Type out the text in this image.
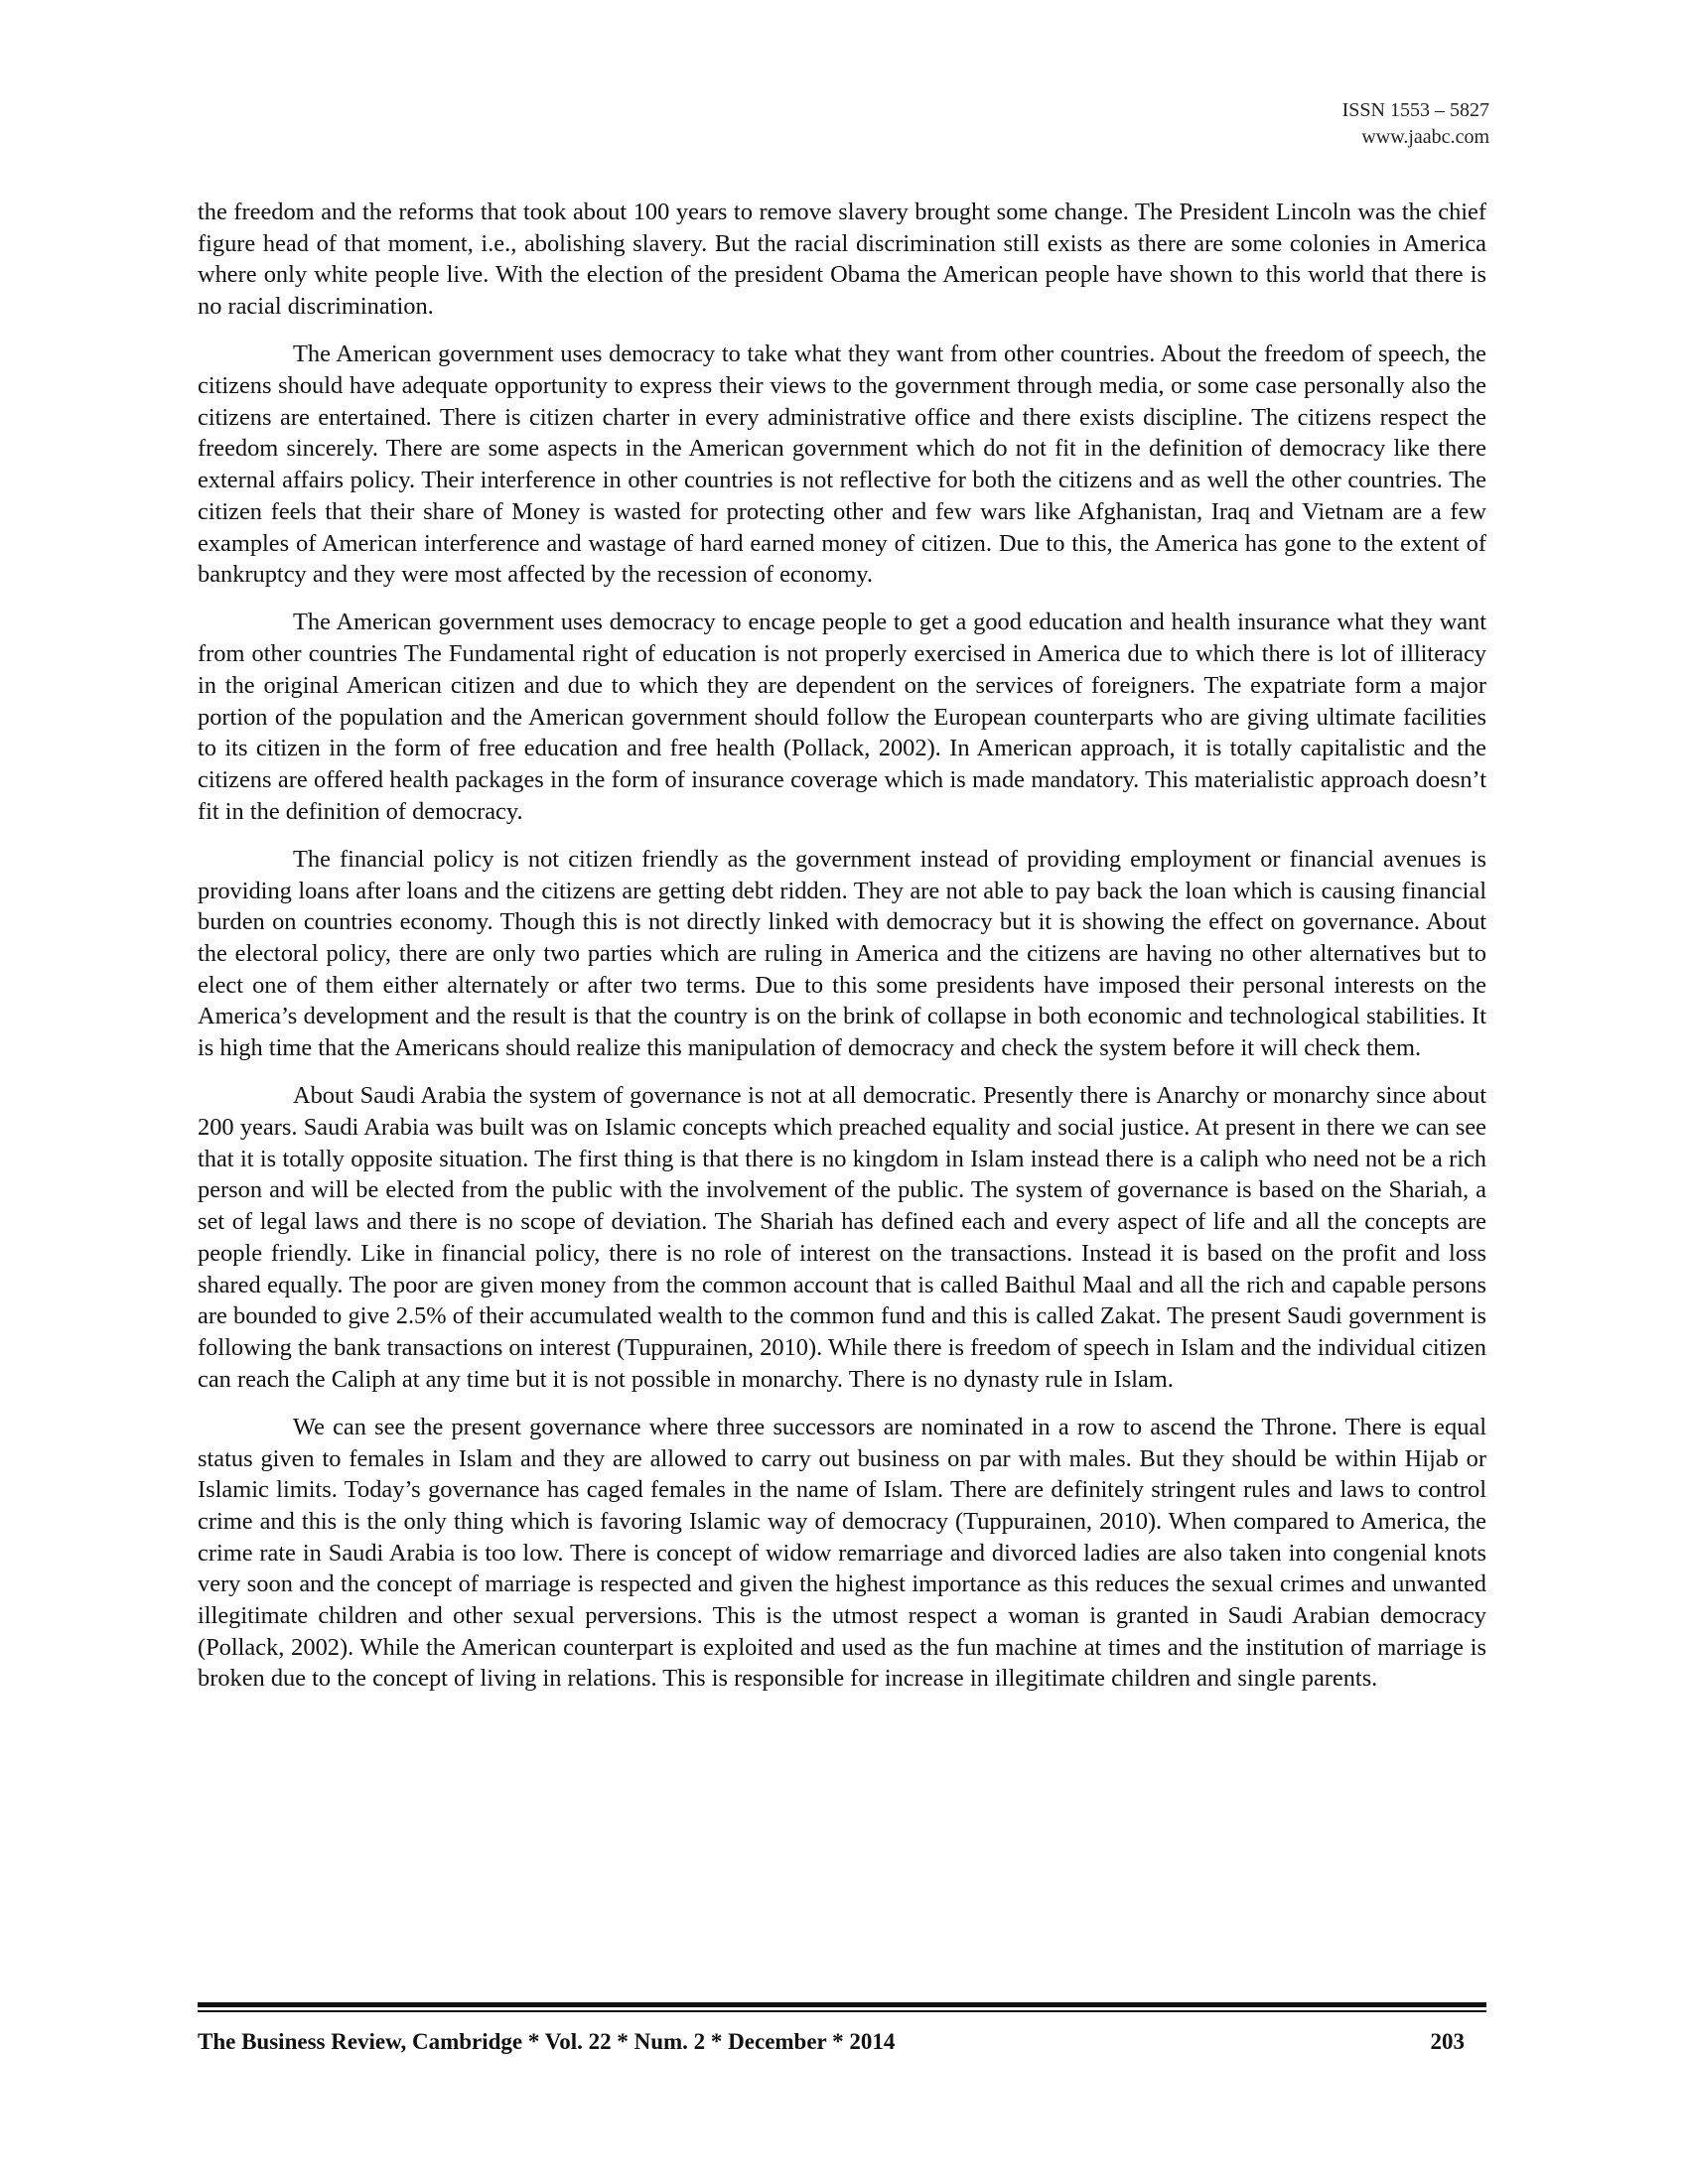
ISSN 1553 – 5827
www.jaabc.com

the freedom and the reforms that took about 100 years to remove slavery brought some change. The President Lincoln was the chief figure head of that moment, i.e., abolishing slavery. But the racial discrimination still exists as there are some colonies in America where only white people live. With the election of the president Obama the American people have shown to this world that there is no racial discrimination.

The American government uses democracy to take what they want from other countries. About the freedom of speech, the citizens should have adequate opportunity to express their views to the government through media, or some case personally also the citizens are entertained. There is citizen charter in every administrative office and there exists discipline. The citizens respect the freedom sincerely. There are some aspects in the American government which do not fit in the definition of democracy like there external affairs policy. Their interference in other countries is not reflective for both the citizens and as well the other countries. The citizen feels that their share of Money is wasted for protecting other and few wars like Afghanistan, Iraq and Vietnam are a few examples of American interference and wastage of hard earned money of citizen. Due to this, the America has gone to the extent of bankruptcy and they were most affected by the recession of economy.

The American government uses democracy to encage people to get a good education and health insurance what they want from other countries The Fundamental right of education is not properly exercised in America due to which there is lot of illiteracy in the original American citizen and due to which they are dependent on the services of foreigners. The expatriate form a major portion of the population and the American government should follow the European counterparts who are giving ultimate facilities to its citizen in the form of free education and free health (Pollack, 2002). In American approach, it is totally capitalistic and the citizens are offered health packages in the form of insurance coverage which is made mandatory. This materialistic approach doesn’t fit in the definition of democracy.

The financial policy is not citizen friendly as the government instead of providing employment or financial avenues is providing loans after loans and the citizens are getting debt ridden. They are not able to pay back the loan which is causing financial burden on countries economy. Though this is not directly linked with democracy but it is showing the effect on governance. About the electoral policy, there are only two parties which are ruling in America and the citizens are having no other alternatives but to elect one of them either alternately or after two terms. Due to this some presidents have imposed their personal interests on the America’s development and the result is that the country is on the brink of collapse in both economic and technological stabilities. It is high time that the Americans should realize this manipulation of democracy and check the system before it will check them.

About Saudi Arabia the system of governance is not at all democratic. Presently there is Anarchy or monarchy since about 200 years. Saudi Arabia was built was on Islamic concepts which preached equality and social justice. At present in there we can see that it is totally opposite situation. The first thing is that there is no kingdom in Islam instead there is a caliph who need not be a rich person and will be elected from the public with the involvement of the public. The system of governance is based on the Shariah, a set of legal laws and there is no scope of deviation. The Shariah has defined each and every aspect of life and all the concepts are people friendly. Like in financial policy, there is no role of interest on the transactions. Instead it is based on the profit and loss shared equally. The poor are given money from the common account that is called Baithul Maal and all the rich and capable persons are bounded to give 2.5% of their accumulated wealth to the common fund and this is called Zakat. The present Saudi government is following the bank transactions on interest (Tuppurainen, 2010). While there is freedom of speech in Islam and the individual citizen can reach the Caliph at any time but it is not possible in monarchy. There is no dynasty rule in Islam.

We can see the present governance where three successors are nominated in a row to ascend the Throne. There is equal status given to females in Islam and they are allowed to carry out business on par with males. But they should be within Hijab or Islamic limits. Today’s governance has caged females in the name of Islam. There are definitely stringent rules and laws to control crime and this is the only thing which is favoring Islamic way of democracy (Tuppurainen, 2010). When compared to America, the crime rate in Saudi Arabia is too low. There is concept of widow remarriage and divorced ladies are also taken into congenial knots very soon and the concept of marriage is respected and given the highest importance as this reduces the sexual crimes and unwanted illegitimate children and other sexual perversions. This is the utmost respect a woman is granted in Saudi Arabian democracy (Pollack, 2002). While the American counterpart is exploited and used as the fun machine at times and the institution of marriage is broken due to the concept of living in relations. This is responsible for increase in illegitimate children and single parents.

The Business Review, Cambridge * Vol. 22 * Num. 2 * December * 2014	203
